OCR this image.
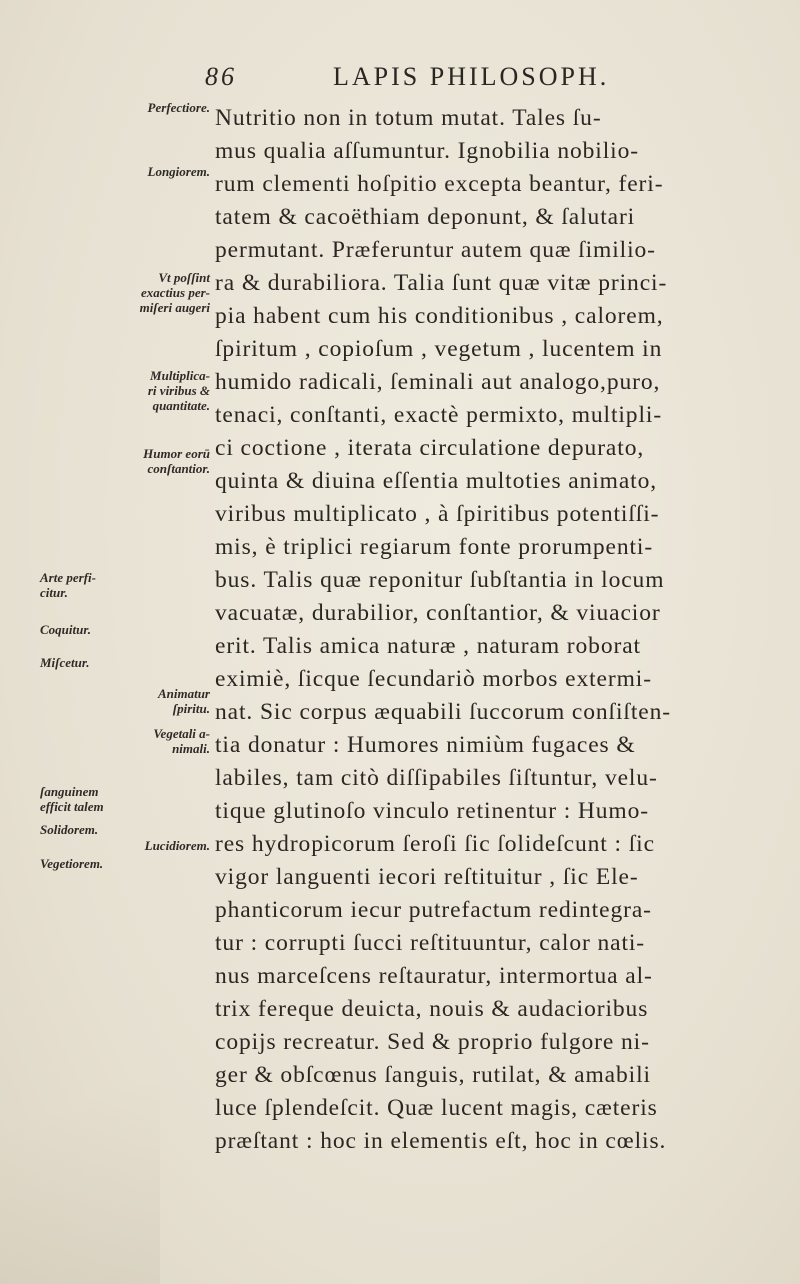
86	LAPIS PHILOSOPH.
Perfectiore.
Longiorem.
Vt poſſint
exactius per-
miſeri augeri
Multiplica-
ri viribus &
quantitate.
Humor eorū
conſtantior.
Arte perfi-
citur.
Coquitur.
Miſcetur.
Animatur
ſpiritu.
Vegetali a-
nimali.
ſanguinem
efficit talem
Solidorem.
Lucidiorem.
Vegetiorem.
Nutritio non in totum mutat. Tales ſu-
mus qualia aſſumuntur. Ignobilia nobilio-
rum clementi hoſpitio excepta beantur, feri-
tatem & cacoëthiam deponunt, & ſalutari
permutant. Præferuntur autem quæ ſimilio-
ra & durabiliora. Talia ſunt quæ vitæ princi-
pia habent cum his conditionibus , calorem,
ſpiritum , copioſum , vegetum , lucentem in
humido radicali, ſeminali aut analogo,puro,
tenaci, conſtanti, exactè permixto, multipli-
ci coctione , iterata circulatione depurato,
quinta & diuina eſſentia multoties animato,
viribus multiplicato , à ſpiritibus potentiſſi-
mis, è triplici regiarum fonte prorumpenti-
bus. Talis quæ reponitur ſubſtantia in locum
vacuatæ, durabilior, conſtantior, & viuacior
erit. Talis amica naturæ , naturam roborat
eximiè, ſicque ſecundariò morbos extermi-
nat. Sic corpus æquabili ſuccorum conſiſten-
tia donatur : Humores nimiùm fugaces &
labiles, tam citò diſſipabiles ſiſtuntur, velu-
tique glutinoſo vinculo retinentur : Humo-
res hydropicorum ſeroſi ſic ſolideſcunt : ſic
vigor languenti iecori reſtituitur , ſic Ele-
phanticorum iecur putrefactum redintegra-
tur : corrupti ſucci reſtituuntur, calor nati-
nus marceſcens reſtauratur, intermortua al-
trix fereque deuicta, nouis & audacioribus
copijs recreatur. Sed & proprio fulgore ni-
ger & obſcœnus ſanguis, rutilat, & amabili
luce ſplendeſcit. Quæ lucent magis, cæteris
præſtant : hoc in elementis eſt, hoc in cœlis.
